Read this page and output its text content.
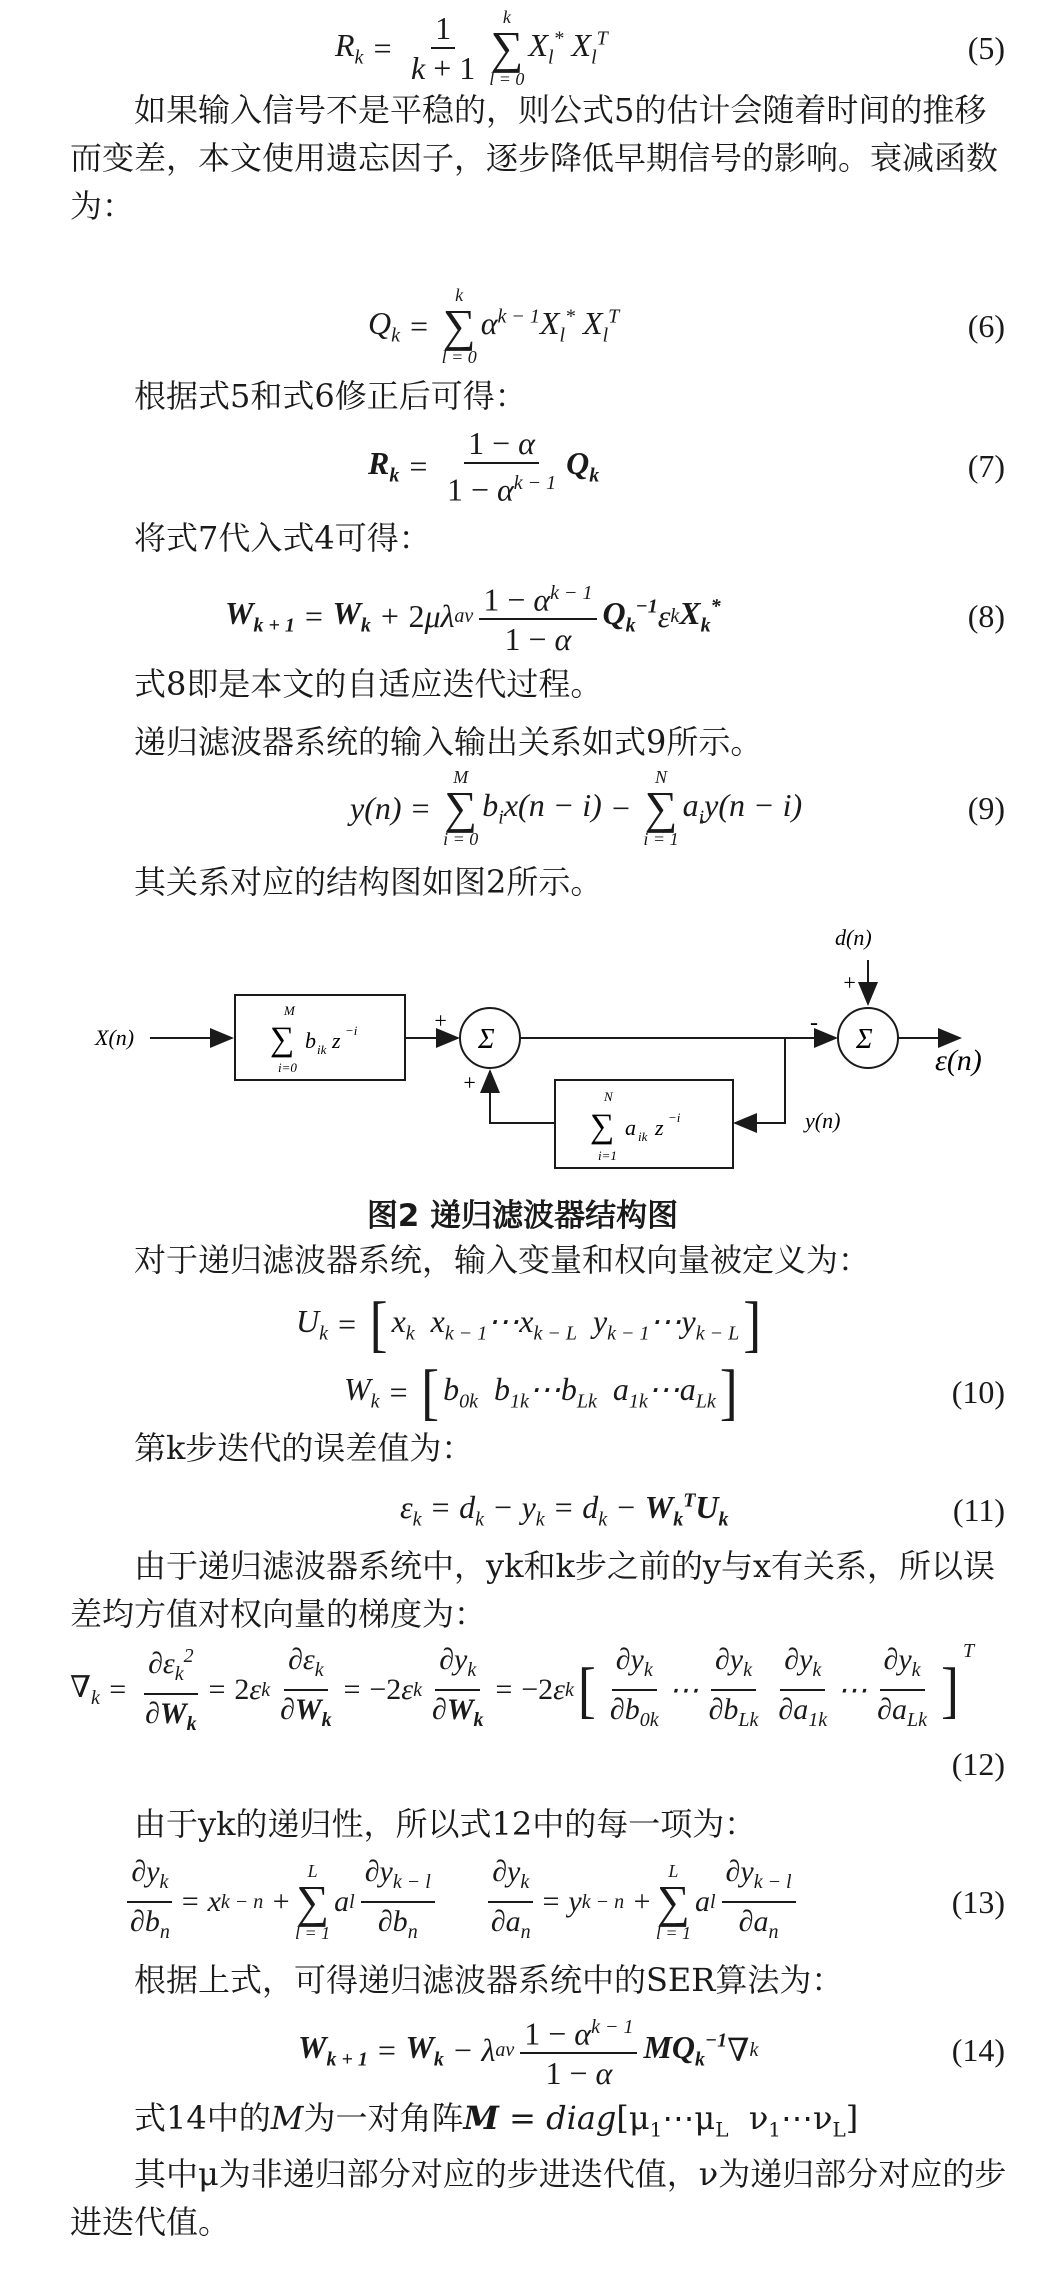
$R_k = \frac{1}{k + 1}$ k
∑
l = 0
$X_l^*$ $X_l^T$	(5)
如果输入信号不是平稳的，则公式5的估计会随着时间的推移而变差，本文使用遗忘因子，逐步降低早期信号的影响。衰减函数为：
$Q_k$ =
k
∑
l = 0
$\alpha^{k - 1}X_l^*$ $X_l^T$	(6)
根据式5和式6修正后可得：
$R_k = \frac{1 - \alpha}{1 - \alpha^{k - 1}} Q_k$	(7)
将式7代入式4可得：
$W_{k + 1} = W_k + 2$ μλ av $\frac{1 - \alpha^{k - 1}}{1 - \alpha} Q_k^{-1}$ ε k $X_k^*$	(8)
式8即是本文的自适应迭代过程。
递归滤波器系统的输入输出关系如式9所示。
y(n) =
M
∑
i = 0
$b_ix(n - i)$ −
N
∑
i = 1
$a_iy(n - i)$	(9)
其关系对应的结构图如图2所示。
X(n)	∑
M
i=0
b ik z −i	+
Σ
-
d(n)
+
Σ
ε(n)
y(n)
∑
N
i=1
a ik z −i
+
图2 递归滤波器结构图
对于递归滤波器系统，输入变量和权向量被定义为：
$U_k$ = [ $x_k$  $x_{k - 1}\cdots x_{k - L}$  $y_{k - 1}\cdots y_{k - L}$ ]
$W_k$ = [ $b_{0k}$  $b_{1k}\cdots b_{Lk}$  $a_{1k}\cdots a_{Lk}$ ]	(10)
第k步迭代的误差值为：
$\varepsilon_k = d_k - y_k = d_k - W_k^TU_k$	(11)
由于递归滤波器系统中，yk和k步之前的y与x有关系，所以误差均方值对权向量的梯度为：
$\nabla_k = \frac{\partial\varepsilon_k^2}{\partial W_k} = 2$ ε k $\frac{\partial\varepsilon_k}{\partial W_k} = -2$ ε k $\frac{\partial y_k}{\partial W_k} = -2$ ε k [ $\frac{\partial y_k}{\partial b_{0k}}$ ⋯ $\frac{\partial y_k}{\partial b_{Lk}} \frac{\partial y_k}{\partial a_{1k}}$ ⋯ $\frac{\partial y_k}{\partial a_{Lk}}$ ]
$^T$
(12)
由于yk的递归性，所以式12中的每一项为：
$\frac{\partial y_k}{\partial b_n} = x$ k − n +
L
∑
l = 1
a l $\frac{\partial y_{k - l}}{\partial b_n} \frac{\partial y_k}{\partial a_n} = y$ k − n +
L
∑
l = 1
a l $\frac{\partial y_{k - l}}{\partial a_n}$	(13)
根据上式，可得递归滤波器系统中的SER算法为：
$W_{k + 1} = W_k - \lambda$ av $\frac{1 - \alpha^{k - 1}}{1 - \alpha} MQ_k^{-1}$ ∇ k	(14)
式14中的M为一对角阵$M = diag[\mu_1\cdots\mu_L$  $\nu_1\cdots\nu_L$]
其中μ为非递归部分对应的步进迭代值，ν为递归部分对应的步进迭代值。
